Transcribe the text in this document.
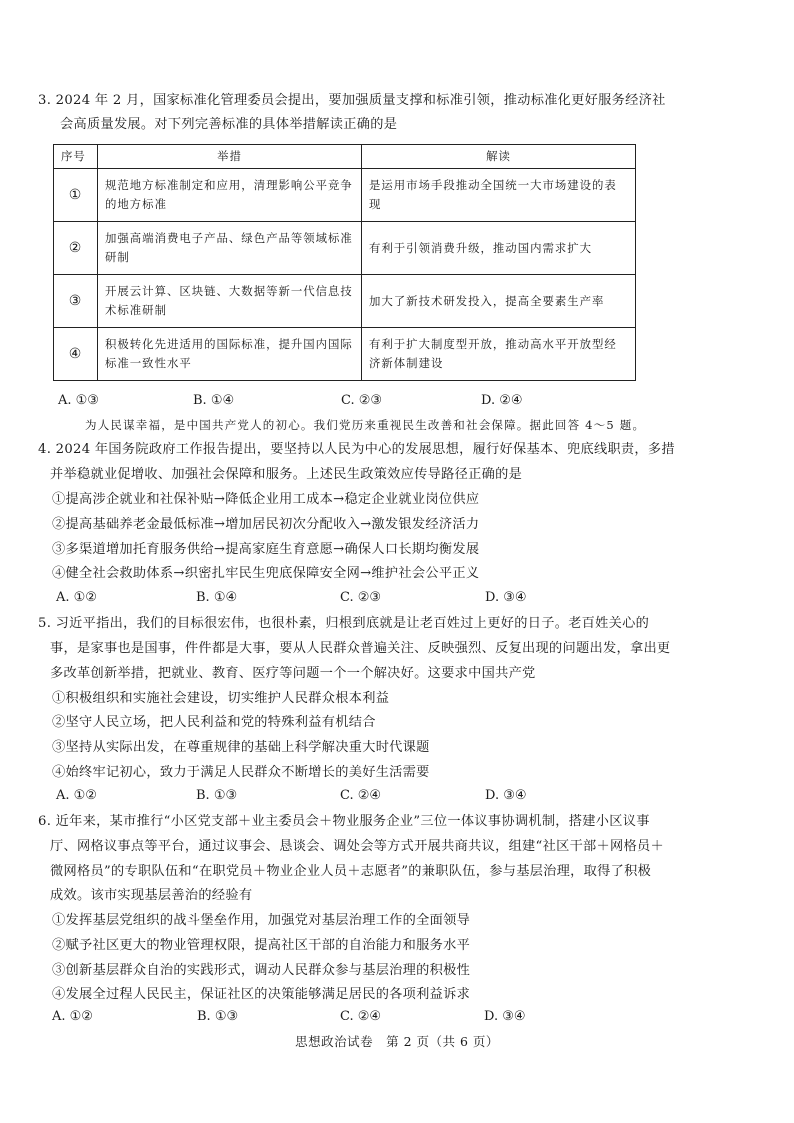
3. 2024 年 2 月，国家标准化管理委员会提出，要加强质量支撑和标准引领，推动标准化更好服务经济社
会高质量发展。对下列完善标准的具体举措解读正确的是
序号	举措	解读
①	规范地方标准制定和应用，清理影响公平竞争的地方标准	是运用市场手段推动全国统一大市场建设的表现
②	加强高端消费电子产品、绿色产品等领域标准研制	有利于引领消费升级，推动国内需求扩大
③	开展云计算、区块链、大数据等新一代信息技术标准研制	加大了新技术研发投入，提高全要素生产率
④	积极转化先进适用的国际标准，提升国内国际标准一致性水平	有利于扩大制度型开放，推动高水平开放型经济新体制建设
A. ①③	B. ①④	C. ②③	D. ②④
为人民谋幸福，是中国共产党人的初心。我们党历来重视民生改善和社会保障。据此回答 4～5 题。
4. 2024 年国务院政府工作报告提出，要坚持以人民为中心的发展思想，履行好保基本、兜底线职责，多措
并举稳就业促增收、加强社会保障和服务。上述民生政策效应传导路径正确的是
①提高涉企就业和社保补贴→降低企业用工成本→稳定企业就业岗位供应
②提高基础养老金最低标准→增加居民初次分配收入→激发银发经济活力
③多渠道增加托育服务供给→提高家庭生育意愿→确保人口长期均衡发展
④健全社会救助体系→织密扎牢民生兜底保障安全网→维护社会公平正义
A. ①②	B. ①④	C. ②③	D. ③④
5. 习近平指出，我们的目标很宏伟，也很朴素，归根到底就是让老百姓过上更好的日子。老百姓关心的
事，是家事也是国事，件件都是大事，要从人民群众普遍关注、反映强烈、反复出现的问题出发，拿出更
多改革创新举措，把就业、教育、医疗等问题一个一个解决好。这要求中国共产党
①积极组织和实施社会建设，切实维护人民群众根本利益
②坚守人民立场，把人民利益和党的特殊利益有机结合
③坚持从实际出发，在尊重规律的基础上科学解决重大时代课题
④始终牢记初心，致力于满足人民群众不断增长的美好生活需要
A. ①②	B. ①③	C. ②④	D. ③④
6. 近年来，某市推行“小区党支部＋业主委员会＋物业服务企业”三位一体议事协调机制，搭建小区议事
厅、网格议事点等平台，通过议事会、恳谈会、调处会等方式开展共商共议，组建“社区干部＋网格员＋
微网格员”的专职队伍和“在职党员＋物业企业人员＋志愿者”的兼职队伍，参与基层治理，取得了积极
成效。该市实现基层善治的经验有
①发挥基层党组织的战斗堡垒作用，加强党对基层治理工作的全面领导
②赋予社区更大的物业管理权限，提高社区干部的自治能力和服务水平
③创新基层群众自治的实践形式，调动人民群众参与基层治理的积极性
④发展全过程人民民主，保证社区的决策能够满足居民的各项利益诉求
A. ①②	B. ①③	C. ②④	D. ③④
思想政治试卷　第 2 页（共 6 页）
